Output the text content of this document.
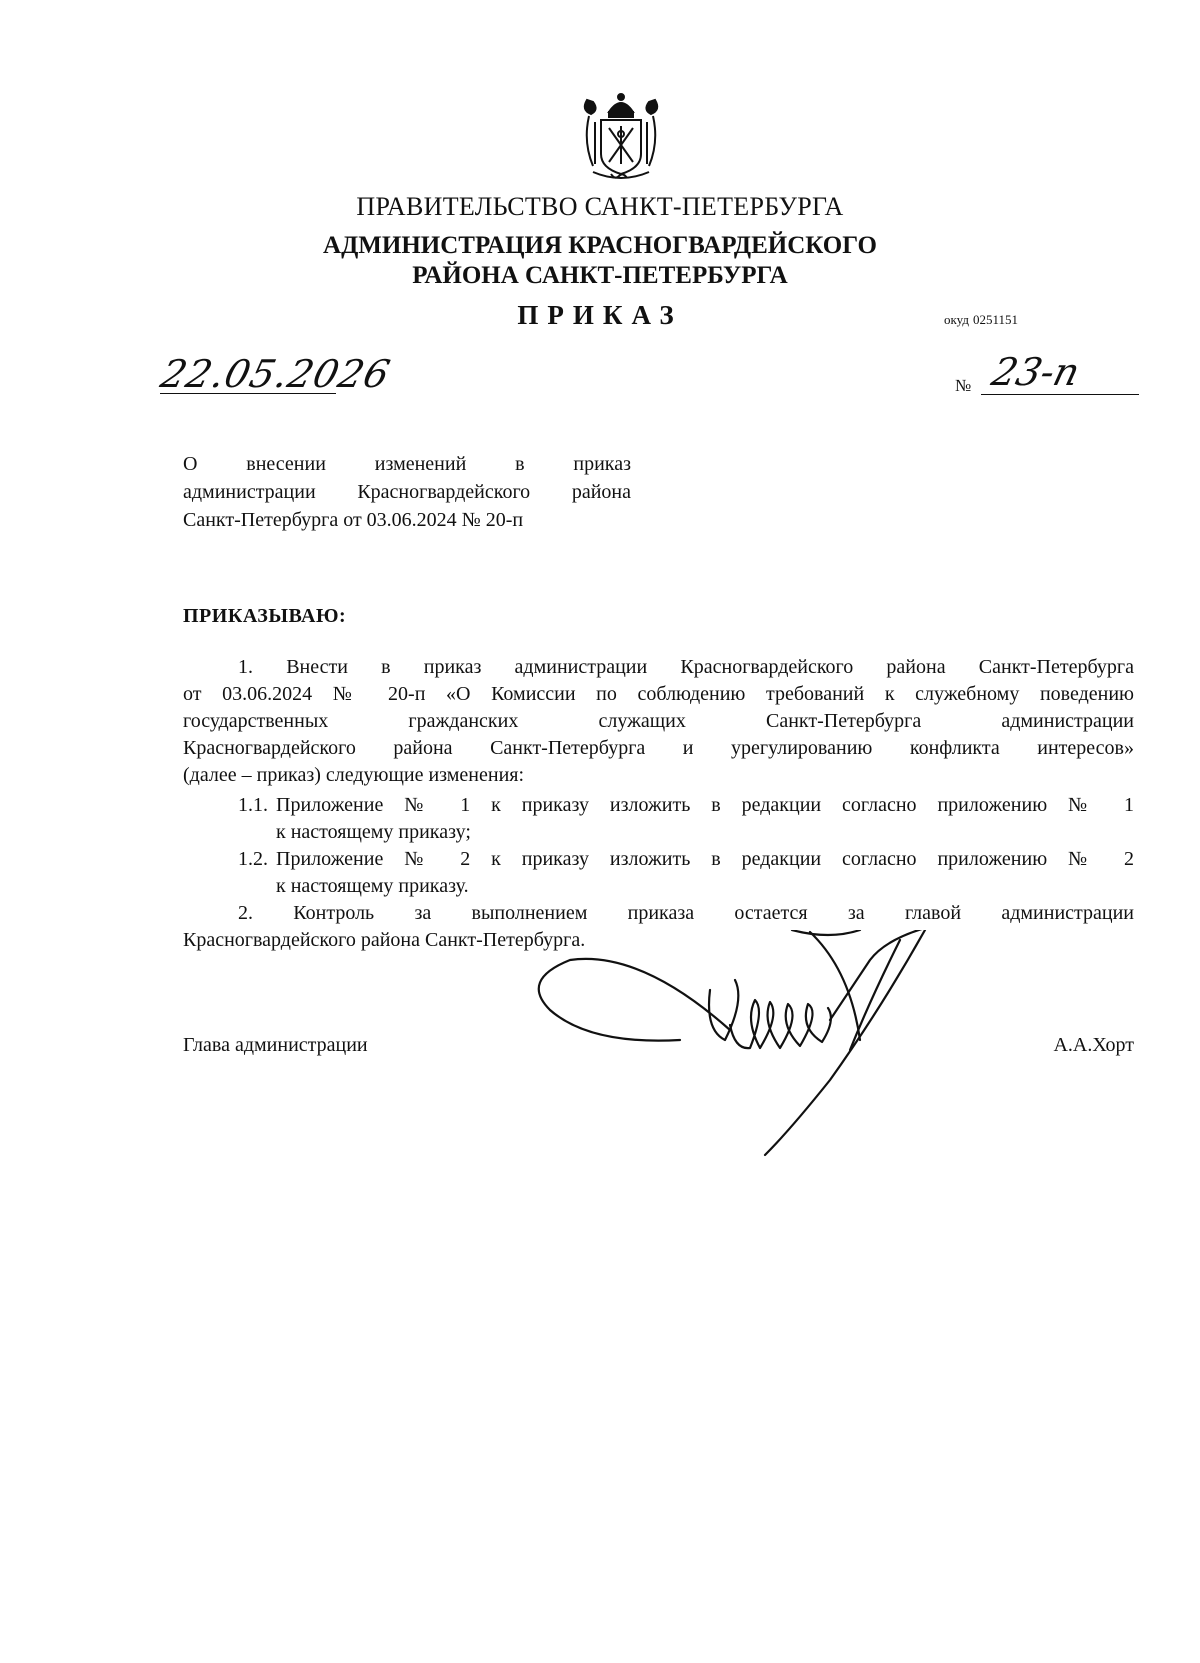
ПРАВИТЕЛЬСТВО САНКТ-ПЕТЕРБУРГА
АДМИНИСТРАЦИЯ КРАСНОГВАРДЕЙСКОГО
РАЙОНА САНКТ-ПЕТЕРБУРГА
ПРИКАЗ	окуд 0251151
22.05.2026	№ 23-п
О внесении изменений в приказ
администрации Красногвардейского района
Санкт-Петербурга от 03.06.2024 № 20-п
ПРИКАЗЫВАЮ:
1. Внести в приказ администрации Красногвардейского района Санкт-Петербурга
от 03.06.2024 № 20-п «О Комиссии по соблюдению требований к служебному поведению
государственных гражданских служащих Санкт-Петербурга администрации
Красногвардейского района Санкт-Петербурга и урегулированию конфликта интересов»
(далее – приказ) следующие изменения:
1.1. Приложение № 1 к приказу изложить в редакции согласно приложению № 1
к настоящему приказу;
1.2. Приложение № 2 к приказу изложить в редакции согласно приложению № 2
к настоящему приказу.
2. Контроль за выполнением приказа остается за главой администрации
Красногвардейского района Санкт-Петербурга.
Глава администрации	А.А.Хорт
